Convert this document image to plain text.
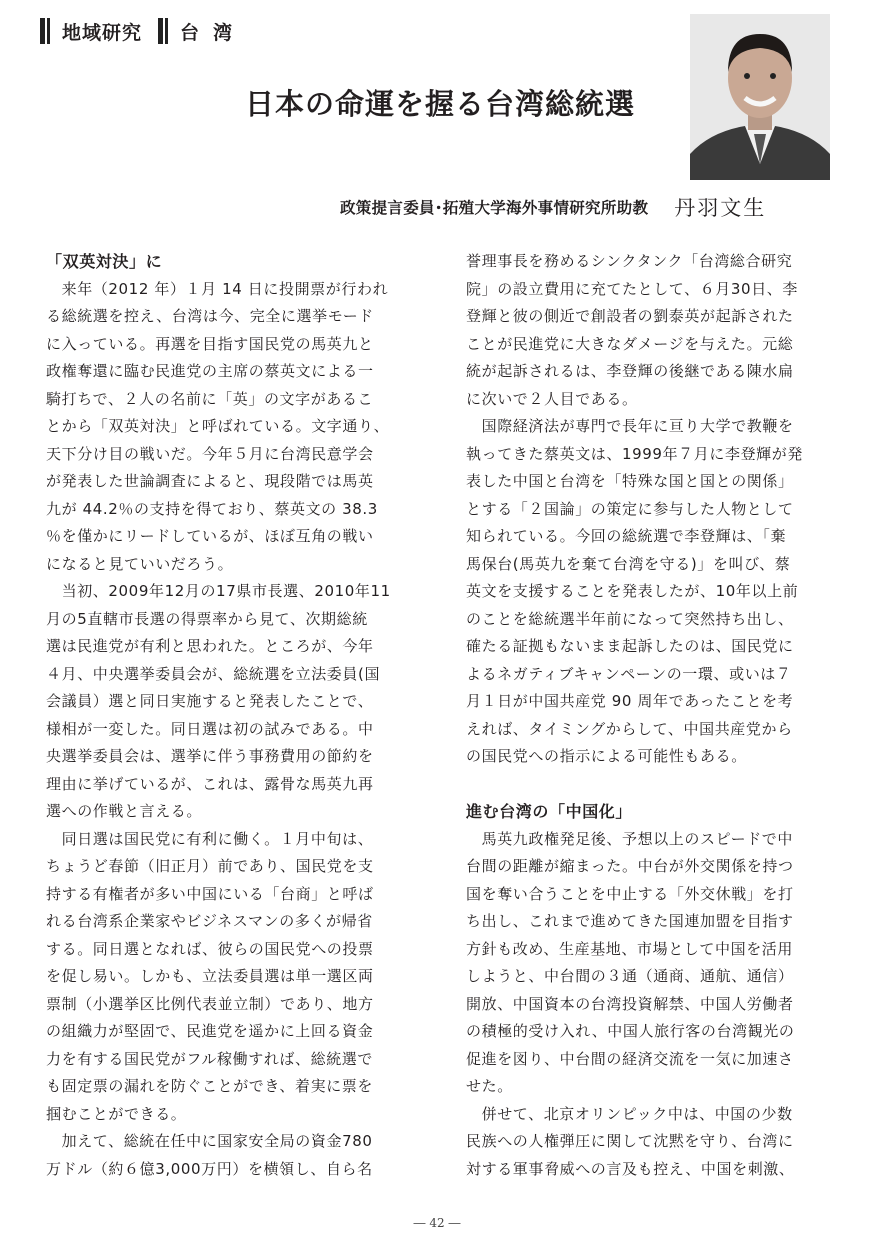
地域研究 台湾
日本の命運を握る台湾総統選
政策提言委員･拓殖大学海外事情研究所助教 丹羽文生
「双英対決」に
　来年（2012 年）１月 14 日に投開票が行われ
る総統選を控え、台湾は今、完全に選挙モード
に入っている。再選を目指す国民党の馬英九と
政権奪還に臨む民進党の主席の蔡英文による一
騎打ちで、２人の名前に「英」の文字があるこ
とから「双英対決」と呼ばれている。文字通り、
天下分け目の戦いだ。今年５月に台湾民意学会
が発表した世論調査によると、現段階では馬英
九が 44.2％の支持を得ており、蔡英文の 38.3
％を僅かにリードしているが、ほぼ互角の戦い
になると見ていいだろう。
　当初、2009年12月の17県市長選、2010年11
月の5直轄市長選の得票率から見て、次期総統
選は民進党が有利と思われた。ところが、今年
４月、中央選挙委員会が、総統選を立法委員(国
会議員）選と同日実施すると発表したことで、
様相が一変した。同日選は初の試みである。中
央選挙委員会は、選挙に伴う事務費用の節約を
理由に挙げているが、これは、露骨な馬英九再
選への作戦と言える。
　同日選は国民党に有利に働く。１月中旬は、
ちょうど春節（旧正月）前であり、国民党を支
持する有権者が多い中国にいる「台商」と呼ば
れる台湾系企業家やビジネスマンの多くが帰省
する。同日選となれば、彼らの国民党への投票
を促し易い。しかも、立法委員選は単一選区両
票制（小選挙区比例代表並立制）であり、地方
の組織力が堅固で、民進党を遥かに上回る資金
力を有する国民党がフル稼働すれば、総統選で
も固定票の漏れを防ぐことができ、着実に票を
掴むことができる。
　加えて、総統在任中に国家安全局の資金780
万ドル（約６億3,000万円）を横領し、自ら名
誉理事長を務めるシンクタンク「台湾総合研究
院」の設立費用に充てたとして、６月30日、李
登輝と彼の側近で創設者の劉泰英が起訴された
ことが民進党に大きなダメージを与えた。元総
統が起訴されるは、李登輝の後継である陳水扁
に次いで２人目である。
　国際経済法が専門で長年に亘り大学で教鞭を
執ってきた蔡英文は、1999年７月に李登輝が発
表した中国と台湾を「特殊な国と国との関係」
とする「２国論」の策定に参与した人物として
知られている。今回の総統選で李登輝は、「棄
馬保台(馬英九を棄て台湾を守る)」を叫び、蔡
英文を支援することを発表したが、10年以上前
のことを総統選半年前になって突然持ち出し、
確たる証拠もないまま起訴したのは、国民党に
よるネガティブキャンペーンの一環、或いは７
月１日が中国共産党 90 周年であったことを考
えれば、タイミングからして、中国共産党から
の国民党への指示による可能性もある。
進む台湾の「中国化」
　馬英九政権発足後、予想以上のスピードで中
台間の距離が縮まった。中台が外交関係を持つ
国を奪い合うことを中止する「外交休戦」を打
ち出し、これまで進めてきた国連加盟を目指す
方針も改め、生産基地、市場として中国を活用
しようと、中台間の３通（通商、通航、通信）
開放、中国資本の台湾投資解禁、中国人労働者
の積極的受け入れ、中国人旅行客の台湾観光の
促進を図り、中台間の経済交流を一気に加速さ
せた。
　併せて、北京オリンピック中は、中国の少数
民族への人権弾圧に関して沈黙を守り、台湾に
対する軍事脅威への言及も控え、中国を刺激、
― 42 ―
